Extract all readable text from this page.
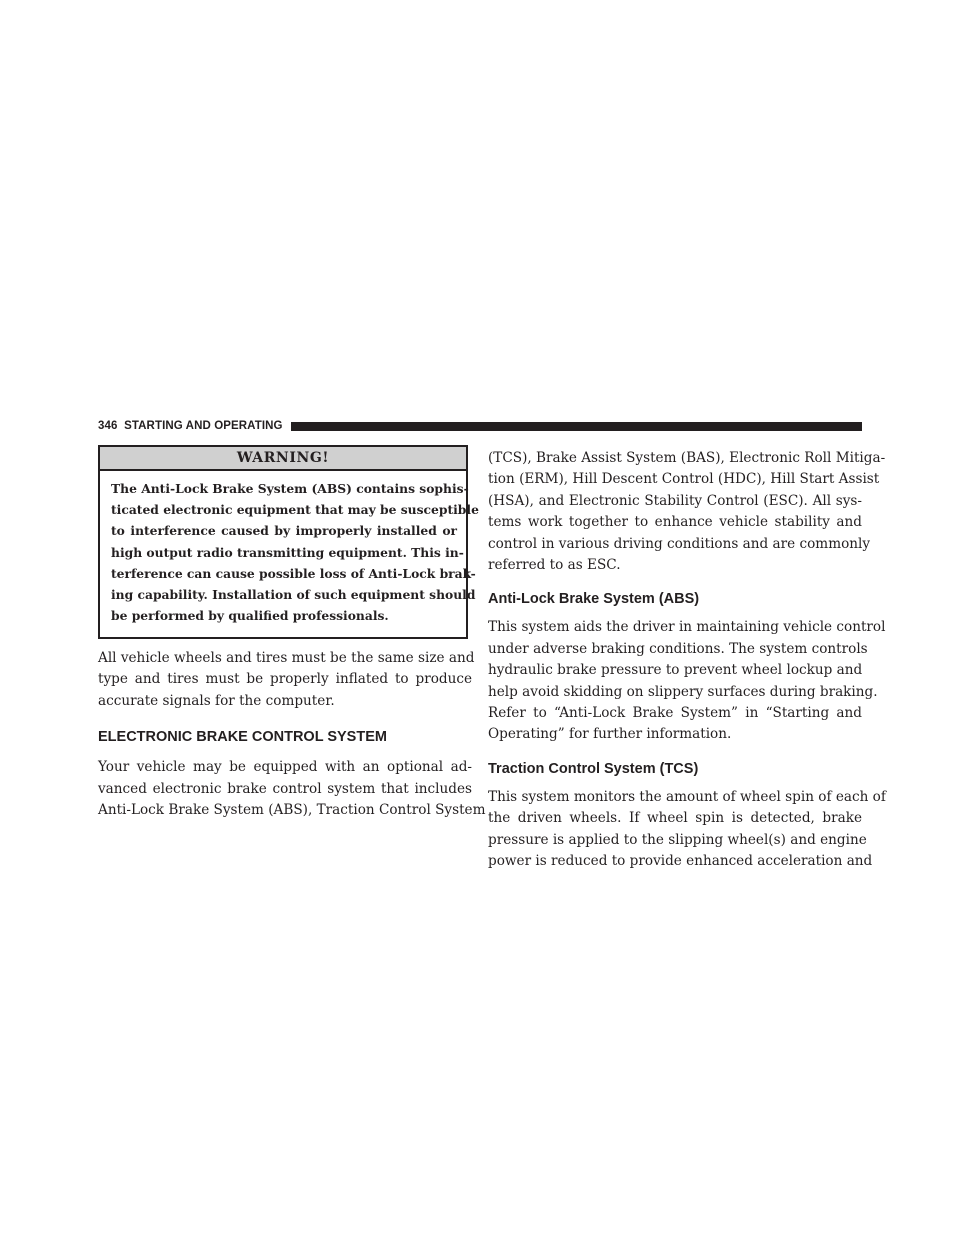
346 STARTING AND OPERATING
WARNING!
The Anti-Lock Brake System (ABS) contains sophis-
ticated electronic equipment that may be susceptible
to interference caused by improperly installed or
high output radio transmitting equipment. This in-
terference can cause possible loss of Anti-Lock brak-
ing capability. Installation of such equipment should
be performed by qualified professionals.
All vehicle wheels and tires must be the same size and
type and tires must be properly inflated to produce
accurate signals for the computer.
ELECTRONIC BRAKE CONTROL SYSTEM
Your vehicle may be equipped with an optional ad-
vanced electronic brake control system that includes
Anti-Lock Brake System (ABS), Traction Control System
(TCS), Brake Assist System (BAS), Electronic Roll Mitiga-
tion (ERM), Hill Descent Control (HDC), Hill Start Assist
(HSA), and Electronic Stability Control (ESC). All sys-
tems work together to enhance vehicle stability and
control in various driving conditions and are commonly
referred to as ESC.
Anti-Lock Brake System (ABS)
This system aids the driver in maintaining vehicle control
under adverse braking conditions. The system controls
hydraulic brake pressure to prevent wheel lockup and
help avoid skidding on slippery surfaces during braking.
Refer to “Anti-Lock Brake System” in “Starting and
Operating” for further information.
Traction Control System (TCS)
This system monitors the amount of wheel spin of each of
the driven wheels. If wheel spin is detected, brake
pressure is applied to the slipping wheel(s) and engine
power is reduced to provide enhanced acceleration and
